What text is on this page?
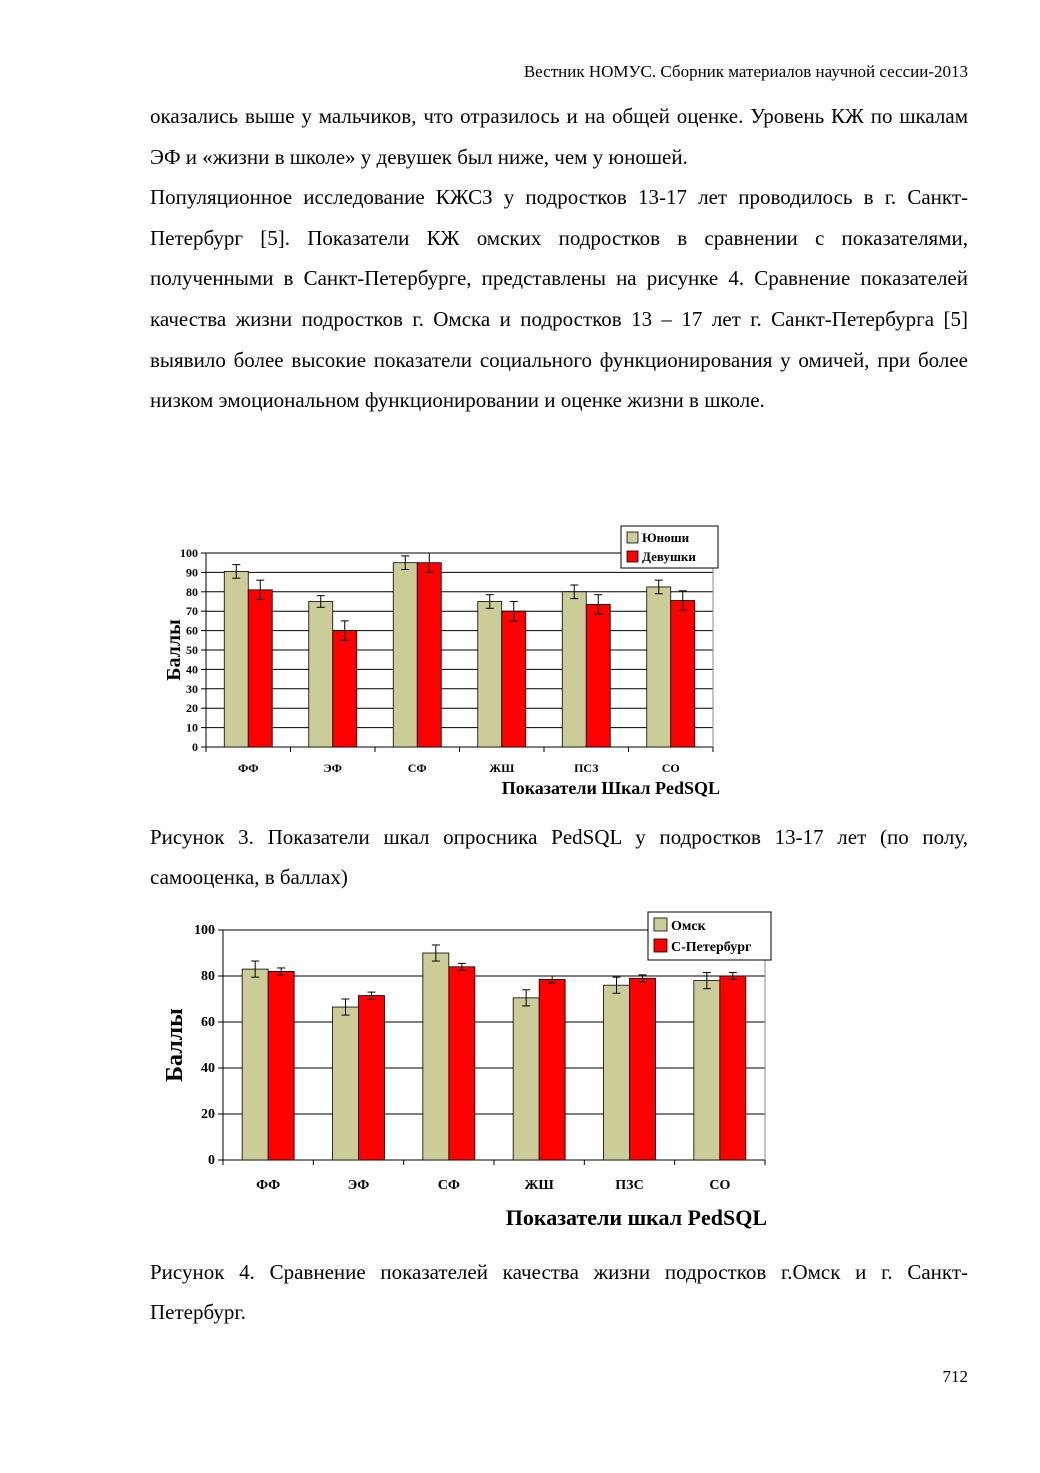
Вестник НОМУС. Сборник материалов научной сессии-2013

оказались выше у мальчиков, что отразилось и на общей оценке. Уровень КЖ по шкалам ЭФ и «жизни в школе» у девушек был ниже, чем у юношей.

Популяционное исследование КЖСЗ у подростков 13-17 лет проводилось в г. Санкт-Петербург [5]. Показатели КЖ омских подростков в сравнении с показателями, полученными в Санкт-Петербурге, представлены на рисунке 4. Сравнение показателей качества жизни подростков г. Омска и подростков 13 – 17 лет г. Санкт-Петербурга [5] выявило более высокие показатели социального функционирования у омичей, при более низком эмоциональном функционировании и оценке жизни в школе.

0
10
20
30
40
50
60
70
80
90
100
ФФ	ЭФ	СФ	ЖШ	ПСЗ	СО
Баллы
Показатели Шкал PedSQL
Юноши
Девушки
Рисунок 3. Показатели шкал опросника PedSQL у подростков 13-17 лет (по полу, самооценка, в баллах)
0
20
40
60
80
100
ФФ	ЭФ	СФ	ЖШ	ПЗС	СО
Баллы
Показатели шкал PedSQL
Омск
С-Петербург
Рисунок 4. Сравнение показателей качества жизни подростков г.Омск и г. Санкт-Петербург.
712
